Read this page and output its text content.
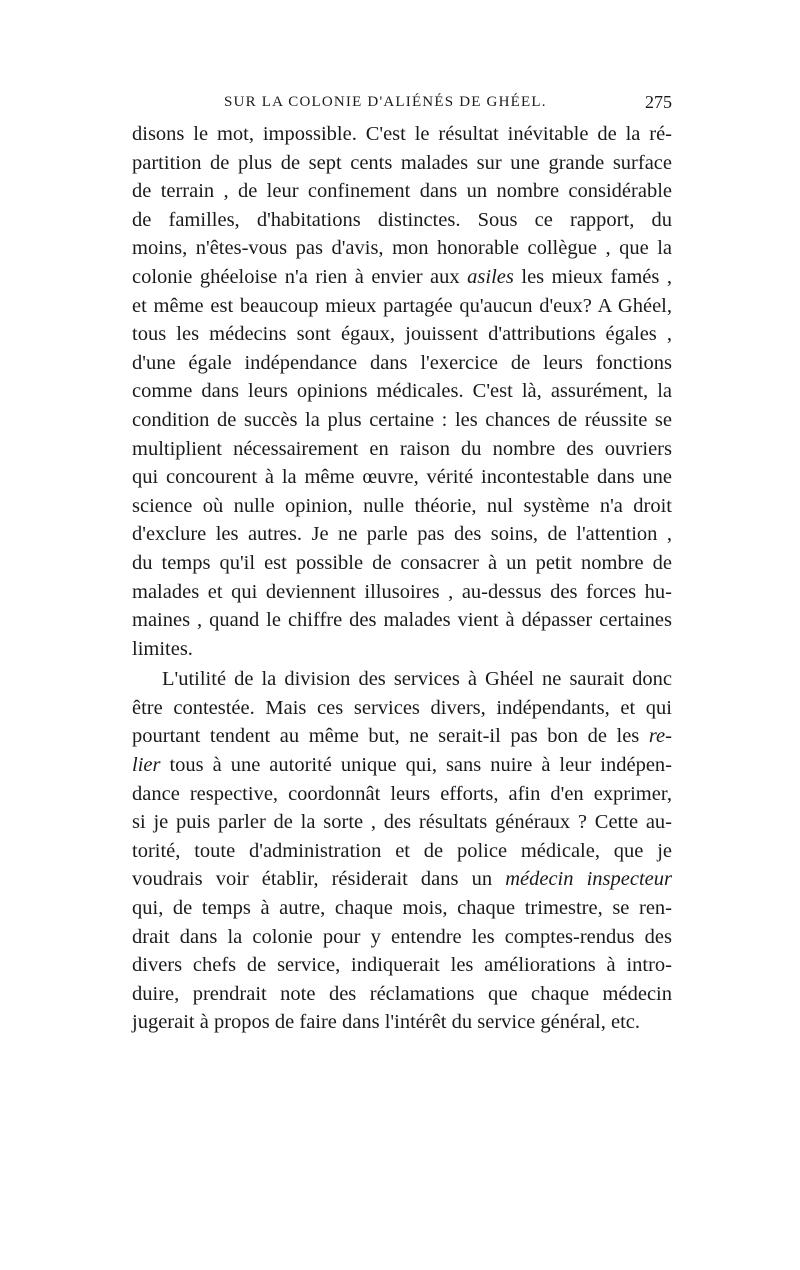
SUR LA COLONIE D'ALIÉNÉS DE GHÉEL.	275
disons le mot, impossible. C'est le résultat inévitable de la ré-
partition de plus de sept cents malades sur une grande surface
de terrain , de leur confinement dans un nombre considérable
de familles, d'habitations distinctes. Sous ce rapport, du
moins, n'êtes-vous pas d'avis, mon honorable collègue , que la
colonie ghéeloise n'a rien à envier aux asiles les mieux famés ,
et même est beaucoup mieux partagée qu'aucun d'eux? A Ghéel,
tous les médecins sont égaux, jouissent d'attributions égales ,
d'une égale indépendance dans l'exercice de leurs fonctions
comme dans leurs opinions médicales. C'est là, assurément, la
condition de succès la plus certaine : les chances de réussite se
multiplient nécessairement en raison du nombre des ouvriers
qui concourent à la même œuvre, vérité incontestable dans une
science où nulle opinion, nulle théorie, nul système n'a droit
d'exclure les autres. Je ne parle pas des soins, de l'attention ,
du temps qu'il est possible de consacrer à un petit nombre de
malades et qui deviennent illusoires , au-dessus des forces hu-
maines , quand le chiffre des malades vient à dépasser certaines
limites.
L'utilité de la division des services à Ghéel ne saurait donc
être contestée. Mais ces services divers, indépendants, et qui
pourtant tendent au même but, ne serait-il pas bon de les re-
lier tous à une autorité unique qui, sans nuire à leur indépen-
dance respective, coordonnât leurs efforts, afin d'en exprimer,
si je puis parler de la sorte , des résultats généraux ? Cette au-
torité, toute d'administration et de police médicale, que je
voudrais voir établir, résiderait dans un médecin inspecteur
qui, de temps à autre, chaque mois, chaque trimestre, se ren-
drait dans la colonie pour y entendre les comptes-rendus des
divers chefs de service, indiquerait les améliorations à intro-
duire, prendrait note des réclamations que chaque médecin
jugerait à propos de faire dans l'intérêt du service général, etc.
